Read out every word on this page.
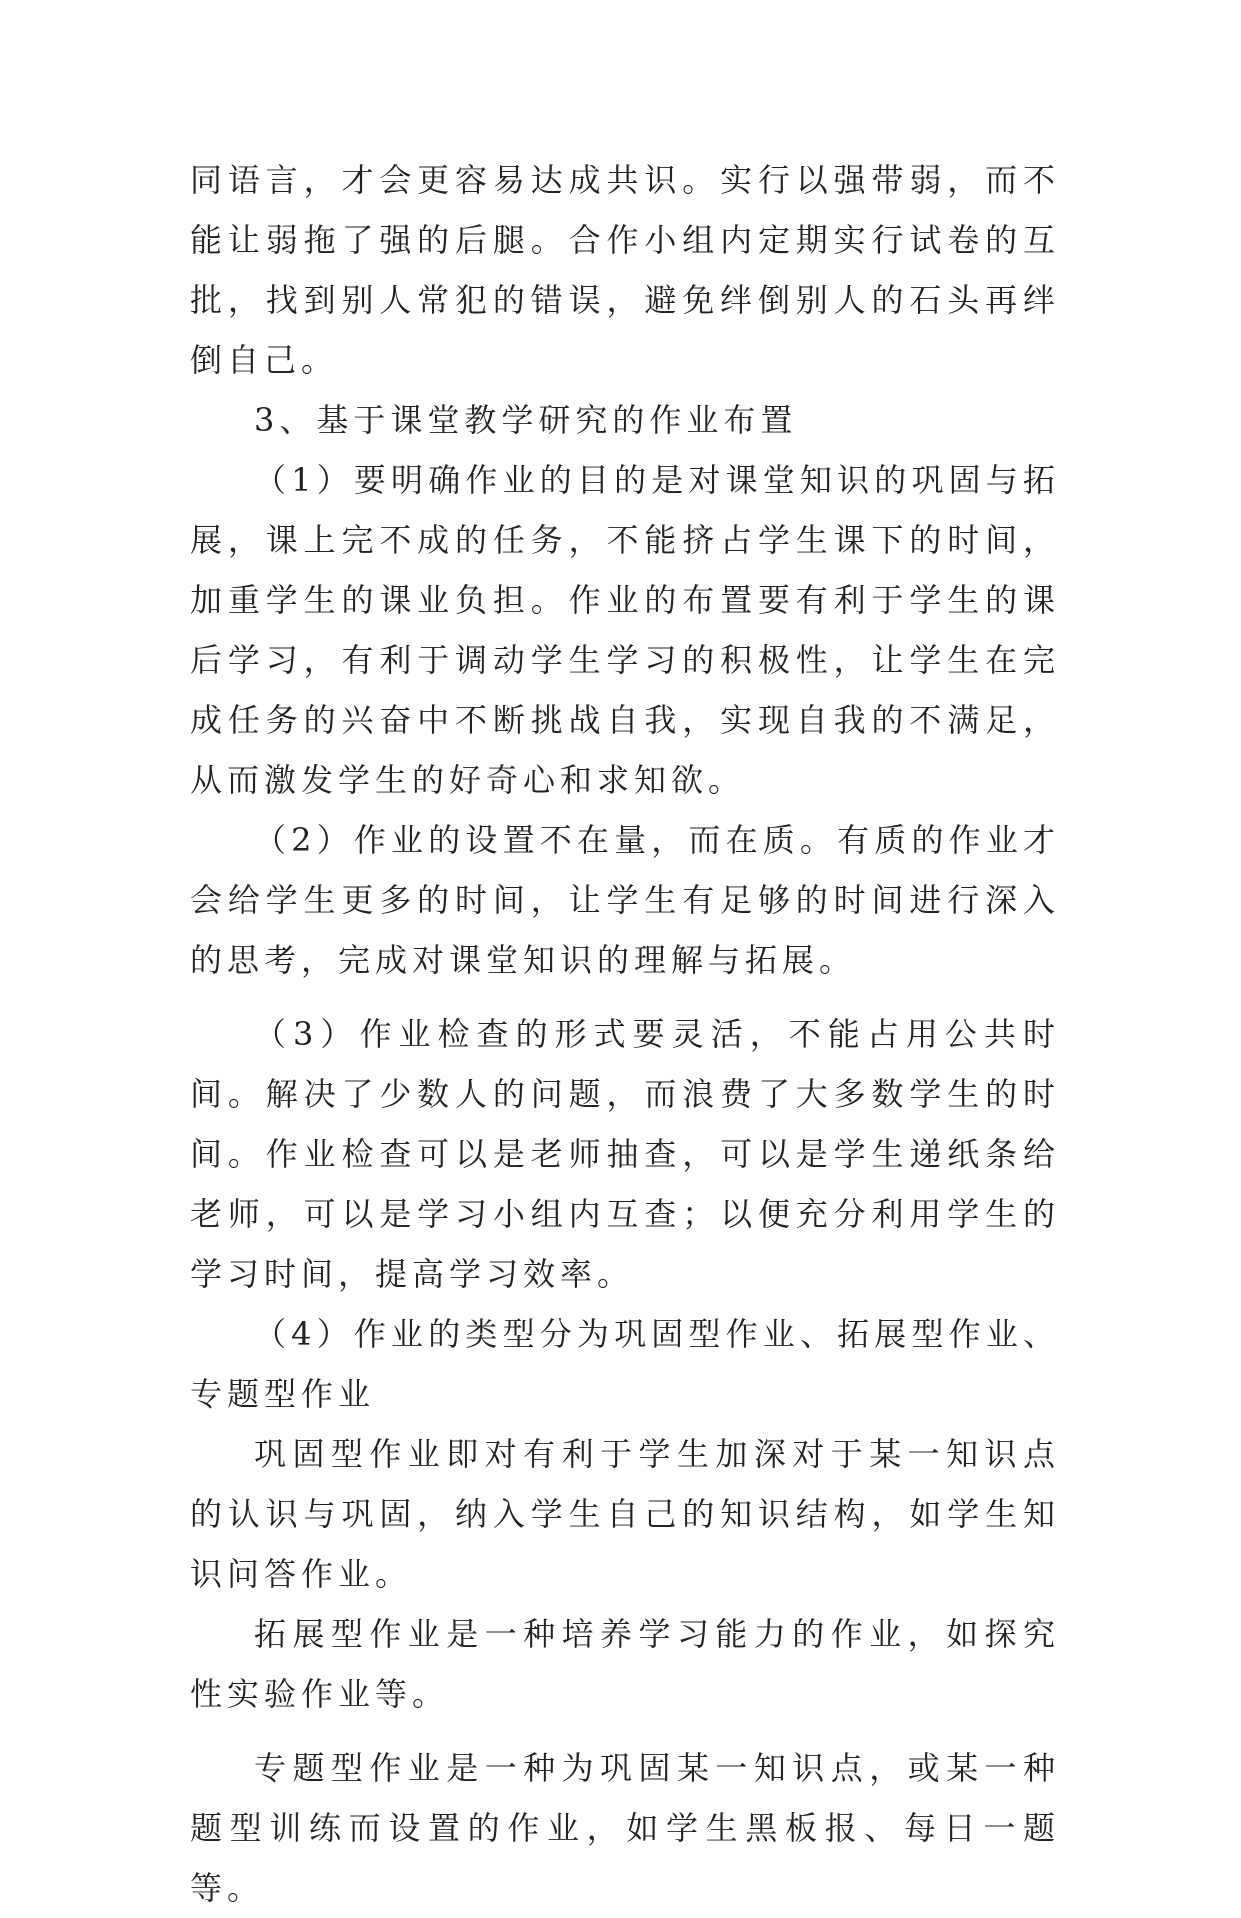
同语言，才会更容易达成共识。实行以强带弱，而不能让弱拖了强的后腿。合作小组内定期实行试卷的互批，找到别人常犯的错误，避免绊倒别人的石头再绊倒自己。

3、基于课堂教学研究的作业布置

（1）要明确作业的目的是对课堂知识的巩固与拓展，课上完不成的任务，不能挤占学生课下的时间，加重学生的课业负担。作业的布置要有利于学生的课后学习，有利于调动学生学习的积极性，让学生在完成任务的兴奋中不断挑战自我，实现自我的不满足，从而激发学生的好奇心和求知欲。

（2）作业的设置不在量，而在质。有质的作业才会给学生更多的时间，让学生有足够的时间进行深入的思考，完成对课堂知识的理解与拓展。

（3）作业检查的形式要灵活，不能占用公共时间。解决了少数人的问题，而浪费了大多数学生的时间。作业检查可以是老师抽查，可以是学生递纸条给老师，可以是学习小组内互查；以便充分利用学生的学习时间，提高学习效率。

（4）作业的类型分为巩固型作业、拓展型作业、专题型作业

巩固型作业即对有利于学生加深对于某一知识点的认识与巩固，纳入学生自己的知识结构，如学生知识问答作业。

拓展型作业是一种培养学习能力的作业，如探究性实验作业等。

专题型作业是一种为巩固某一知识点，或某一种题型训练而设置的作业，如学生黑板报、每日一题等。
